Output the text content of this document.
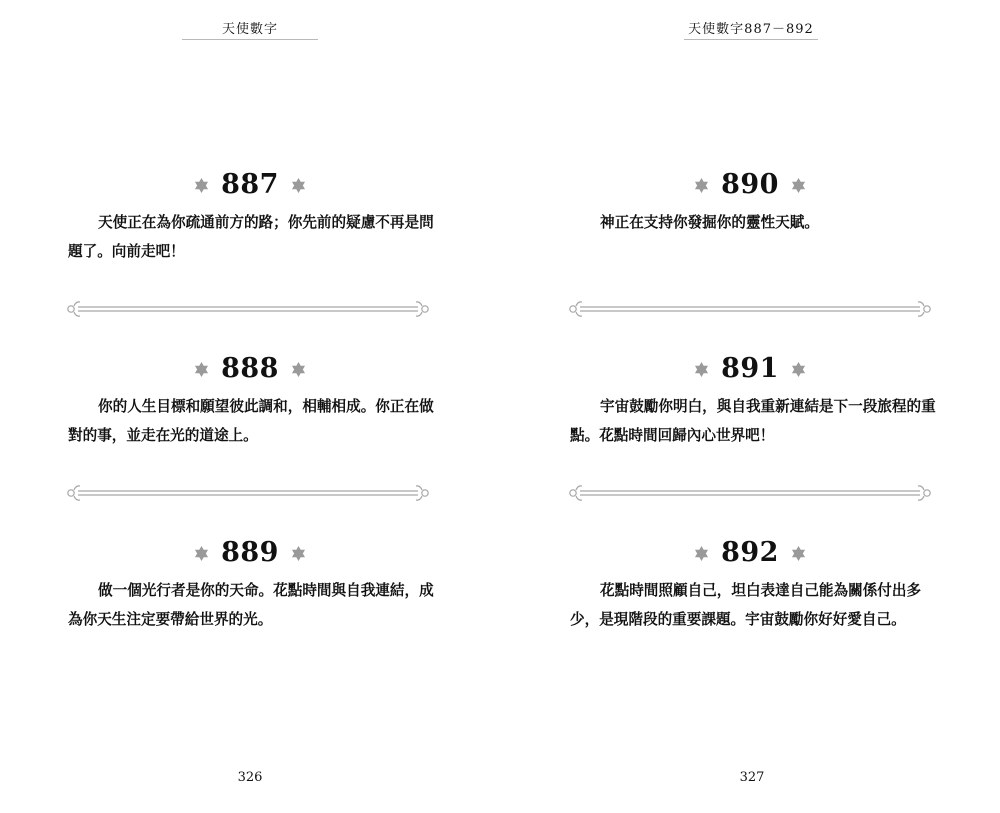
天使數字
887

天使正在為你疏通前方的路；你先前的疑慮不再是問題了。向前走吧！

888

你的人生目標和願望彼此調和，相輔相成。你正在做對的事，並走在光的道途上。

889

做一個光行者是你的天命。花點時間與自我連結，成為你天生注定要帶給世界的光。

326
天使數字887－892
890

神正在支持你發掘你的靈性天賦。

891

宇宙鼓勵你明白，與自我重新連結是下一段旅程的重點。花點時間回歸內心世界吧！

892

花點時間照顧自己，坦白表達自己能為關係付出多少，是現階段的重要課題。宇宙鼓勵你好好愛自己。

327
